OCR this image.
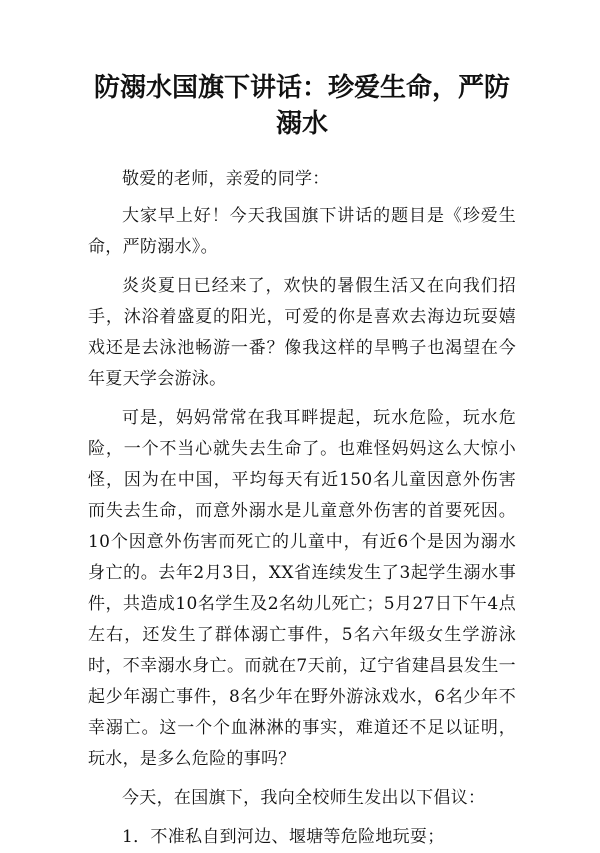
防溺水国旗下讲话：珍爱生命，严防溺水

敬爱的老师，亲爱的同学：

大家早上好！今天我国旗下讲话的题目是《珍爱生命，严防溺水》。

炎炎夏日已经来了，欢快的暑假生活又在向我们招手，沐浴着盛夏的阳光，可爱的你是喜欢去海边玩耍嬉戏还是去泳池畅游一番？像我这样的旱鸭子也渴望在今年夏天学会游泳。

可是，妈妈常常在我耳畔提起，玩水危险，玩水危险，一个不当心就失去生命了。也难怪妈妈这么大惊小怪，因为在中国，平均每天有近150名儿童因意外伤害而失去生命，而意外溺水是儿童意外伤害的首要死因。10个因意外伤害而死亡的儿童中，有近6个是因为溺水身亡的。去年2月3日，XX省连续发生了3起学生溺水事件，共造成10名学生及2名幼儿死亡；5月27日下午4点左右，还发生了群体溺亡事件，5名六年级女生学游泳时，不幸溺水身亡。而就在7天前，辽宁省建昌县发生一起少年溺亡事件，8名少年在野外游泳戏水，6名少年不幸溺亡。这一个个血淋淋的事实，难道还不足以证明，玩水，是多么危险的事吗？

今天，在国旗下，我向全校师生发出以下倡议：

1．不准私自到河边、堰塘等危险地玩耍；
